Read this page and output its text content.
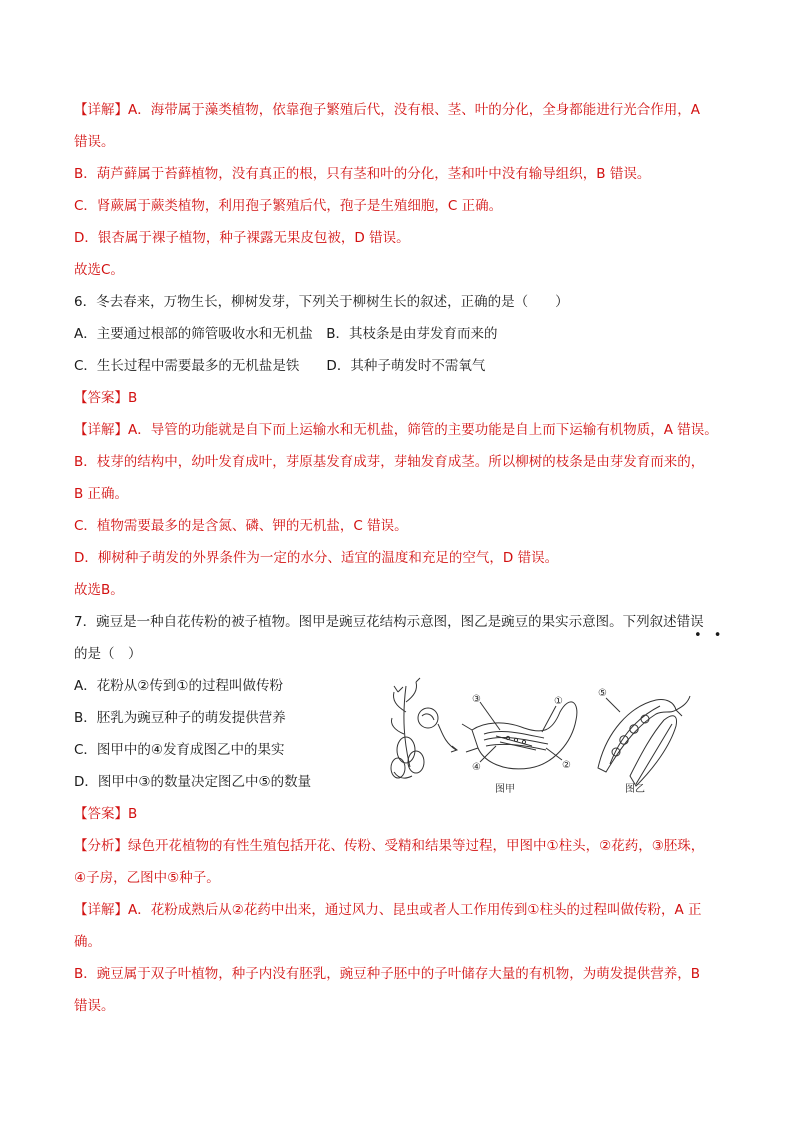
【详解】A．海带属于藻类植物，依靠孢子繁殖后代，没有根、茎、叶的分化，全身都能进行光合作用，A
错误。
B．葫芦藓属于苔藓植物，没有真正的根，只有茎和叶的分化，茎和叶中没有输导组织，B 错误。
C．肾蕨属于蕨类植物，利用孢子繁殖后代，孢子是生殖细胞，C 正确。
D．银杏属于裸子植物，种子裸露无果皮包被，D 错误。
故选C。
6．冬去春来，万物生长，柳树发芽，下列关于柳树生长的叙述，正确的是（　　）
A．主要通过根部的筛管吸收水和无机盐　B．其枝条是由芽发育而来的
C．生长过程中需要最多的无机盐是铁　　D．其种子萌发时不需氧气
【答案】B
【详解】A．导管的功能就是自下而上运输水和无机盐，筛管的主要功能是自上而下运输有机物质，A 错误。
B．枝芽的结构中，幼叶发育成叶，芽原基发育成芽，芽轴发育成茎。所以柳树的枝条是由芽发育而来的，
B 正确。
C．植物需要最多的是含氮、磷、钾的无机盐，C 错误。
D．柳树种子萌发的外界条件为一定的水分、适宜的温度和充足的空气，D 错误。
故选B。
7．豌豆是一种自花传粉的被子植物。图甲是豌豆花结构示意图，图乙是豌豆的果实示意图。下列叙述错误
• •
的是（　）
A．花粉从②传到①的过程叫做传粉
B．胚乳为豌豆种子的萌发提供营养
C．图甲中的④发育成图乙中的果实
D．图甲中③的数量决定图乙中⑤的数量
③	①
④	②
⑤
图甲	图乙
【答案】B
【分析】绿色开花植物的有性生殖包括开花、传粉、受精和结果等过程，甲图中①柱头，②花药，③胚珠，
④子房，乙图中⑤种子。
【详解】A．花粉成熟后从②花药中出来，通过风力、昆虫或者人工作用传到①柱头的过程叫做传粉，A 正
确。
B．豌豆属于双子叶植物，种子内没有胚乳，豌豆种子胚中的子叶储存大量的有机物，为萌发提供营养，B
错误。
